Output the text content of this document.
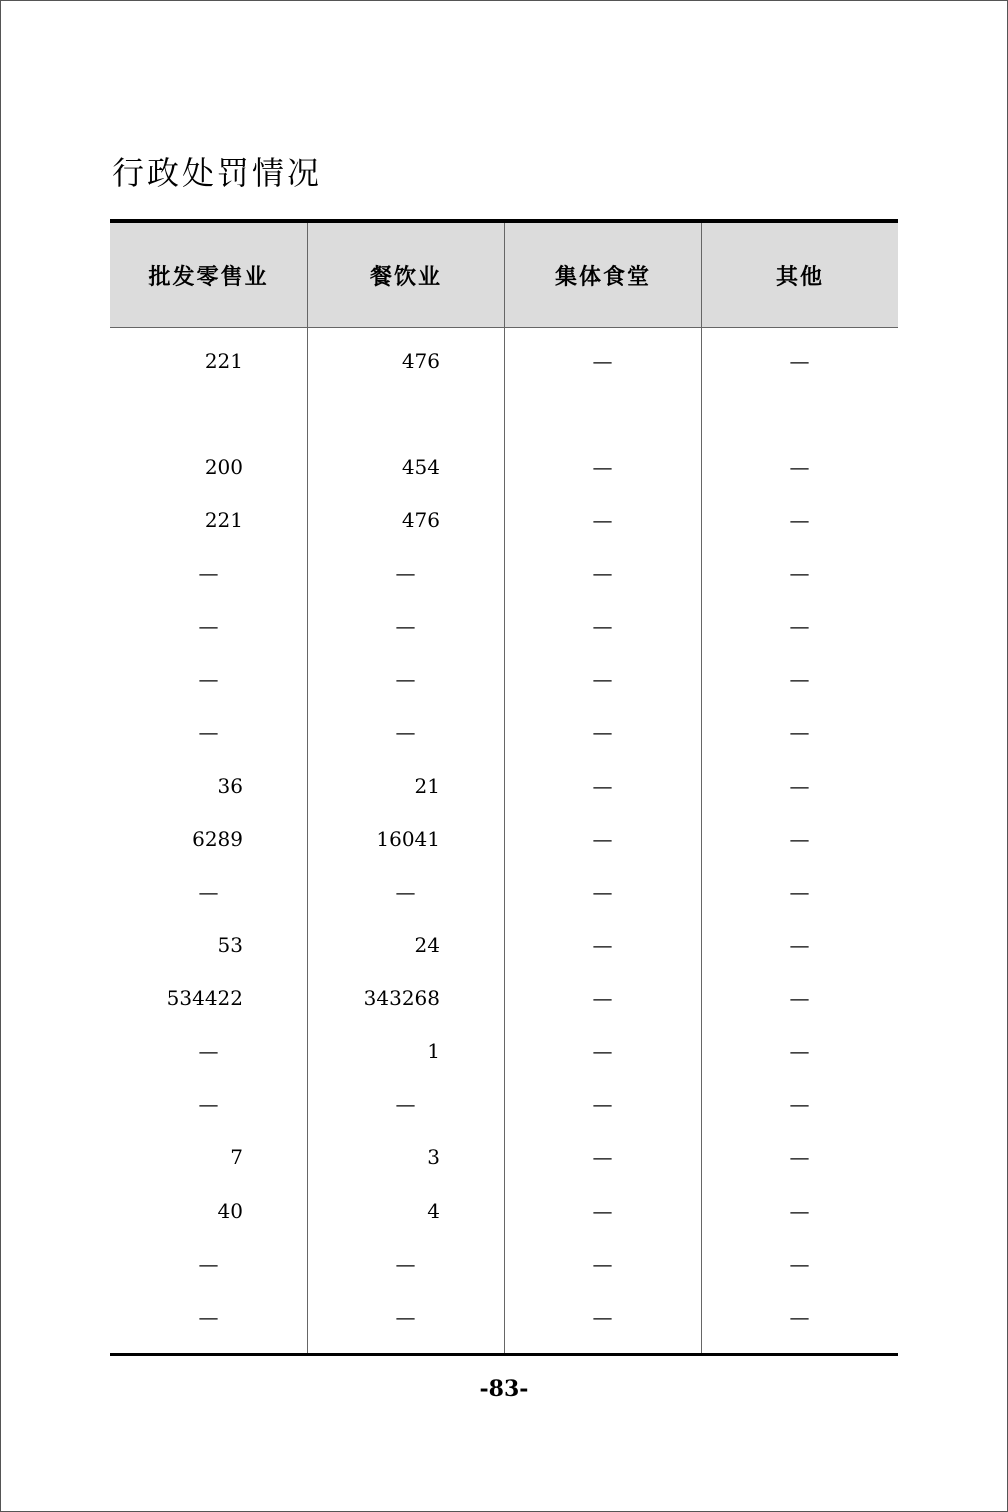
行政处罚情况
批发零售业	餐饮业	集体食堂	其他
221	476	—	—
200	454	—	—
221	476	—	—
—	—	—	—
—	—	—	—
—	—	—	—
—	—	—	—
36	21	—	—
6289	16041	—	—
—	—	—	—
53	24	—	—
534422	343268	—	—
—	1	—	—
—	—	—	—
7	3	—	—
40	4	—	—
—	—	—	—
—	—	—	—
-83-
